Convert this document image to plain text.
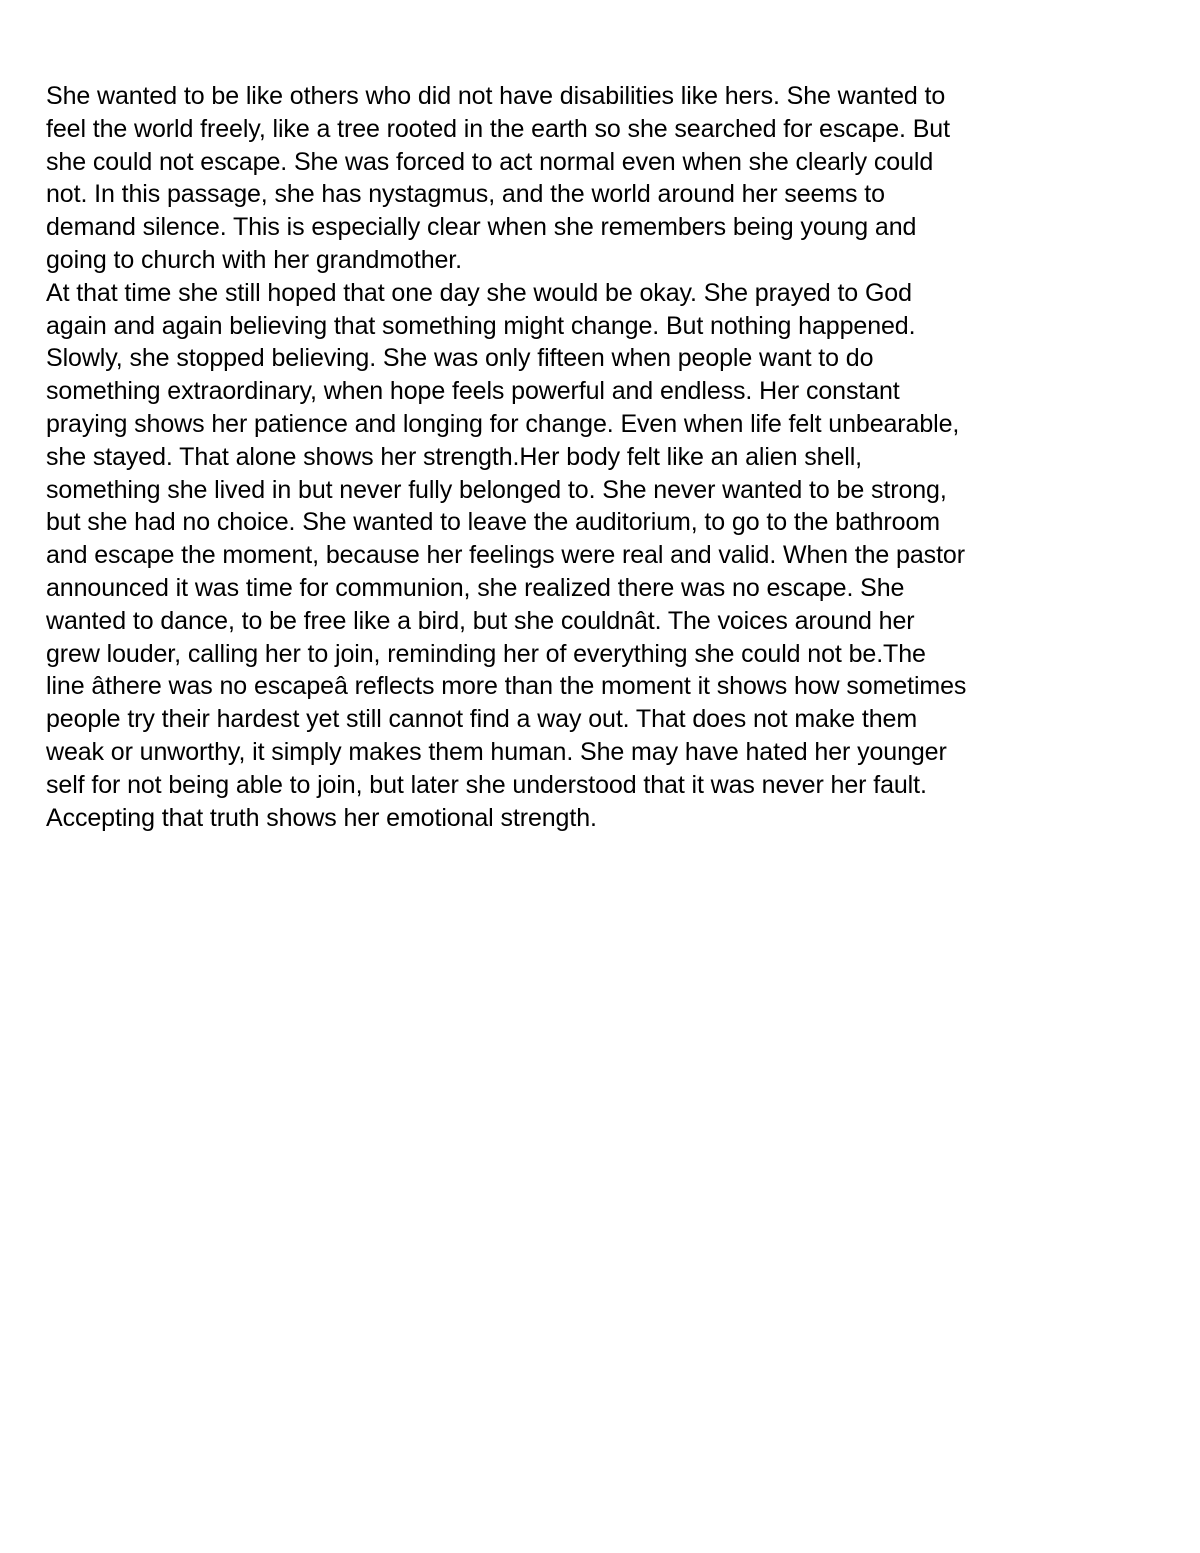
She wanted to be like others who did not have disabilities like hers. She wanted to
feel the world freely, like a tree rooted in the earth so she searched for escape. But
she could not escape. She was forced to act normal even when she clearly could
not. In this passage, she has nystagmus, and the world around her seems to
demand silence. This is especially clear when she remembers being young and
going to church with her grandmother.

At that time she still hoped that one day she would be okay. She prayed to God
again and again believing that something might change. But nothing happened.
Slowly, she stopped believing. She was only fifteen when people want to do
something extraordinary, when hope feels powerful and endless. Her constant
praying shows her patience and longing for change. Even when life felt unbearable,
she stayed. That alone shows her strength.Her body felt like an alien shell,
something she lived in but never fully belonged to. She never wanted to be strong,
but she had no choice. She wanted to leave the auditorium, to go to the bathroom
and escape the moment, because her feelings were real and valid. When the pastor
announced it was time for communion, she realized there was no escape. She
wanted to dance, to be free like a bird, but she couldnât. The voices around her
grew louder, calling her to join, reminding her of everything she could not be.The
line âthere was no escapeâ reflects more than the moment it shows how sometimes
people try their hardest yet still cannot find a way out. That does not make them
weak or unworthy, it simply makes them human. She may have hated her younger
self for not being able to join, but later she understood that it was never her fault.
Accepting that truth shows her emotional strength.
